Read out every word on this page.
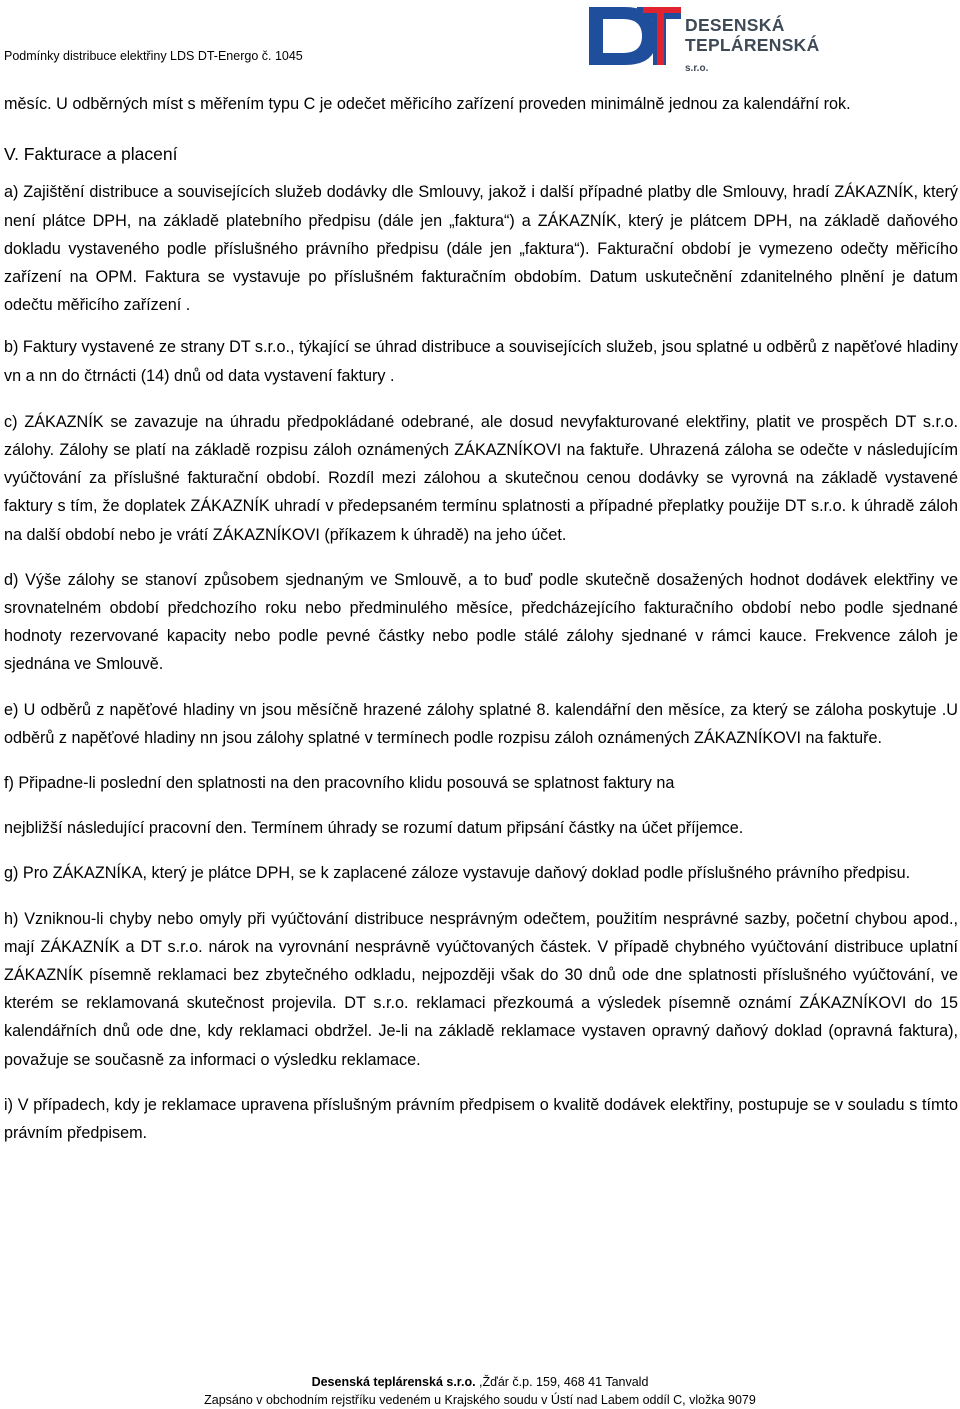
Podmínky distribuce elektřiny LDS DT-Energo č. 1045
DESENSKÁ
TEPLÁRENSKÁ s.r.o.

měsíc. U odběrných míst s měřením typu C je odečet měřicího zařízení proveden minimálně jednou za kalendářní rok.

V. Fakturace a placení

a) Zajištění distribuce a souvisejících služeb dodávky dle Smlouvy, jakož i další případné platby dle Smlouvy, hradí ZÁKAZNÍK, který není plátce DPH, na základě platebního předpisu (dále jen „faktura“) a ZÁKAZNÍK, který je plátcem DPH, na základě daňového dokladu vystaveného podle příslušného právního předpisu (dále jen „faktura“). Fakturační období je vymezeno odečty měřicího zařízení na OPM. Faktura se vystavuje po příslušném fakturačním obdobím. Datum uskutečnění zdanitelného plnění je datum odečtu měřicího zařízení .

b) Faktury vystavené ze strany DT s.r.o., týkající se úhrad distribuce a souvisejících služeb, jsou splatné u odběrů z napěťové hladiny vn a nn do čtrnácti (14) dnů od data vystavení faktury .

c) ZÁKAZNÍK se zavazuje na úhradu předpokládané odebrané, ale dosud nevyfakturované elektřiny, platit ve prospěch DT s.r.o. zálohy. Zálohy se platí na základě rozpisu záloh oznámených ZÁKAZNÍKOVI na faktuře. Uhrazená záloha se odečte v následujícím vyúčtování za příslušné fakturační období. Rozdíl mezi zálohou a skutečnou cenou dodávky se vyrovná na základě vystavené faktury s tím, že doplatek ZÁKAZNÍK uhradí v předepsaném termínu splatnosti a případné přeplatky použije DT s.r.o. k úhradě záloh na další období nebo je vrátí ZÁKAZNÍKOVI (příkazem k úhradě) na jeho účet.

d) Výše zálohy se stanoví způsobem sjednaným ve Smlouvě, a to buď podle skutečně dosažených hodnot dodávek elektřiny ve srovnatelném období předchozího roku nebo předminulého měsíce, předcházejícího fakturačního období nebo podle sjednané hodnoty rezervované kapacity nebo podle pevné částky nebo podle stálé zálohy sjednané v rámci kauce. Frekvence záloh je sjednána ve Smlouvě.

e) U odběrů z napěťové hladiny vn jsou měsíčně hrazené zálohy splatné 8. kalendářní den měsíce, za který se záloha poskytuje .U odběrů z napěťové hladiny nn jsou zálohy splatné v termínech podle rozpisu záloh oznámených ZÁKAZNÍKOVI na faktuře.

f) Připadne-li poslední den splatnosti na den pracovního klidu posouvá se splatnost faktury na

nejbližší následující pracovní den. Termínem úhrady se rozumí datum připsání částky na účet příjemce.

g) Pro ZÁKAZNÍKA, který je plátce DPH, se k zaplacené záloze vystavuje daňový doklad podle příslušného právního předpisu.

h) Vzniknou-li chyby nebo omyly při vyúčtování distribuce nesprávným odečtem, použitím nesprávné sazby, početní chybou apod., mají ZÁKAZNÍK a DT s.r.o. nárok na vyrovnání nesprávně vyúčtovaných částek. V případě chybného vyúčtování distribuce uplatní ZÁKAZNÍK písemně reklamaci bez zbytečného odkladu, nejpozději však do 30 dnů ode dne splatnosti příslušného vyúčtování, ve kterém se reklamovaná skutečnost projevila. DT s.r.o. reklamaci přezkoumá a výsledek písemně oznámí ZÁKAZNÍKOVI do 15 kalendářních dnů ode dne, kdy reklamaci obdržel. Je-li na základě reklamace vystaven opravný daňový doklad (opravná faktura), považuje se současně za informaci o výsledku reklamace.

i) V případech, kdy je reklamace upravena příslušným právním předpisem o kvalitě dodávek elektřiny, postupuje se v souladu s tímto právním předpisem.

Desenská teplárenská s.r.o. ,Žďár č.p. 159, 468 41 Tanvald
Zapsáno v obchodním rejstříku vedeném u Krajského soudu v Ústí nad Labem oddíl C, vložka 9079
